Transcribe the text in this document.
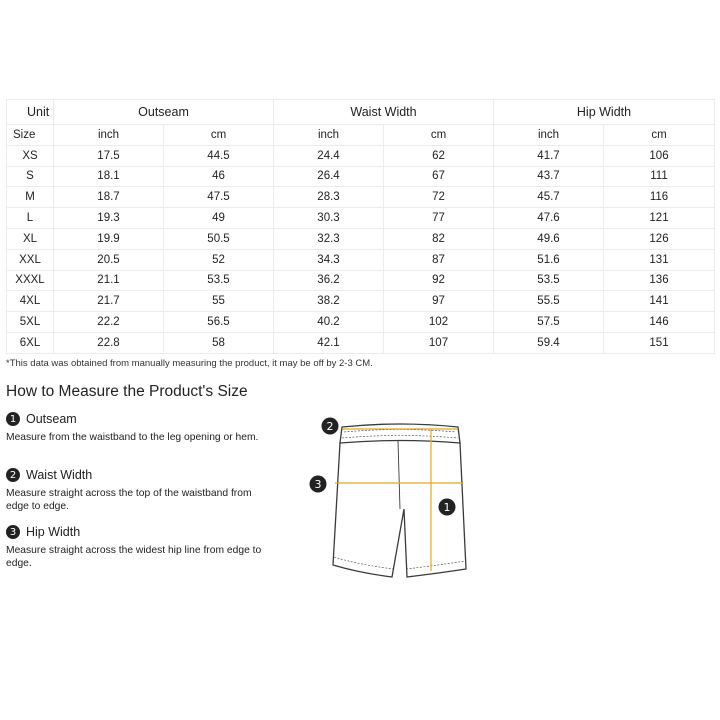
Unit	Outseam		Waist Width		Hip Width	
Size	inch	cm	inch	cm	inch	cm
XS	17.5	44.5	24.4	62	41.7	106
S	18.1	46	26.4	67	43.7	111
M	18.7	47.5	28.3	72	45.7	116
L	19.3	49	30.3	77	47.6	121
XL	19.9	50.5	32.3	82	49.6	126
XXL	20.5	52	34.3	87	51.6	131
XXXL	21.1	53.5	36.2	92	53.5	136
4XL	21.7	55	38.2	97	55.5	141
5XL	22.2	56.5	40.2	102	57.5	146
6XL	22.8	58	42.1	107	59.4	151
*This data was obtained from manually measuring the product, it may be off by 2-3 CM.
How to Measure the Product's Size
1 Outseam
Measure from the waistband to the leg opening or hem.
2 Waist Width
Measure straight across the top of the waistband from edge to edge.
3 Hip Width
Measure straight across the widest hip line from edge to edge.
2
3
1
